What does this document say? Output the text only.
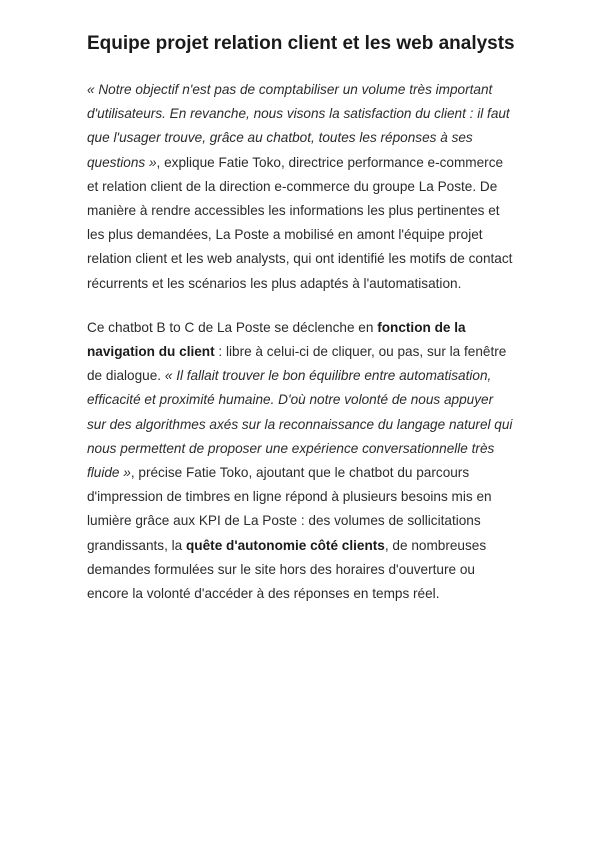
Equipe projet relation client et les web analysts

« Notre objectif n'est pas de comptabiliser un volume très important d'utilisateurs. En revanche, nous visons la satisfaction du client : il faut que l'usager trouve, grâce au chatbot, toutes les réponses à ses questions », explique Fatie Toko, directrice performance e-commerce et relation client de la direction e-commerce du groupe La Poste. De manière à rendre accessibles les informations les plus pertinentes et les plus demandées, La Poste a mobilisé en amont l'équipe projet relation client et les web analysts, qui ont identifié les motifs de contact récurrents et les scénarios les plus adaptés à l'automatisation.

Ce chatbot B to C de La Poste se déclenche en fonction de la navigation du client : libre à celui-ci de cliquer, ou pas, sur la fenêtre de dialogue. « Il fallait trouver le bon équilibre entre automatisation, efficacité et proximité humaine. D'où notre volonté de nous appuyer sur des algorithmes axés sur la reconnaissance du langage naturel qui nous permettent de proposer une expérience conversationnelle très fluide », précise Fatie Toko, ajoutant que le chatbot du parcours d'impression de timbres en ligne répond à plusieurs besoins mis en lumière grâce aux KPI de La Poste : des volumes de sollicitations grandissants, la quête d'autonomie côté clients, de nombreuses demandes formulées sur le site hors des horaires d'ouverture ou encore la volonté d'accéder à des réponses en temps réel.
